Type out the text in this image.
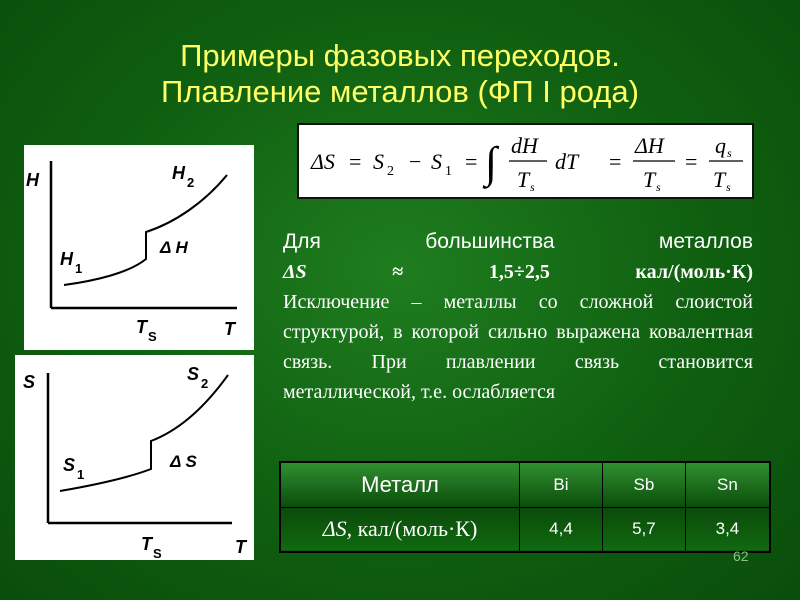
Примеры фазовых переходов.
Плавление металлов (ФП I рода)
ΔS = S 2 − S 1 = ∫ dH
T s
dT =
ΔH
T s
=
q s
T s
H
T
T S
H 1
H 2
Δ H
S
T
T S
S 1
S 2
Δ S
Для большинства металлов
ΔS	≈	1,5÷2,5	кал/(моль·К)
Исключение – металлы со сложной слоистой структурой, в которой сильно выражена ковалентная связь. При плавлении связь становится металлической, т.е. ослабляется
Металл	Bi	Sb	Sn
ΔS, кал/(моль·К)	4,4	5,7	3,4
62
